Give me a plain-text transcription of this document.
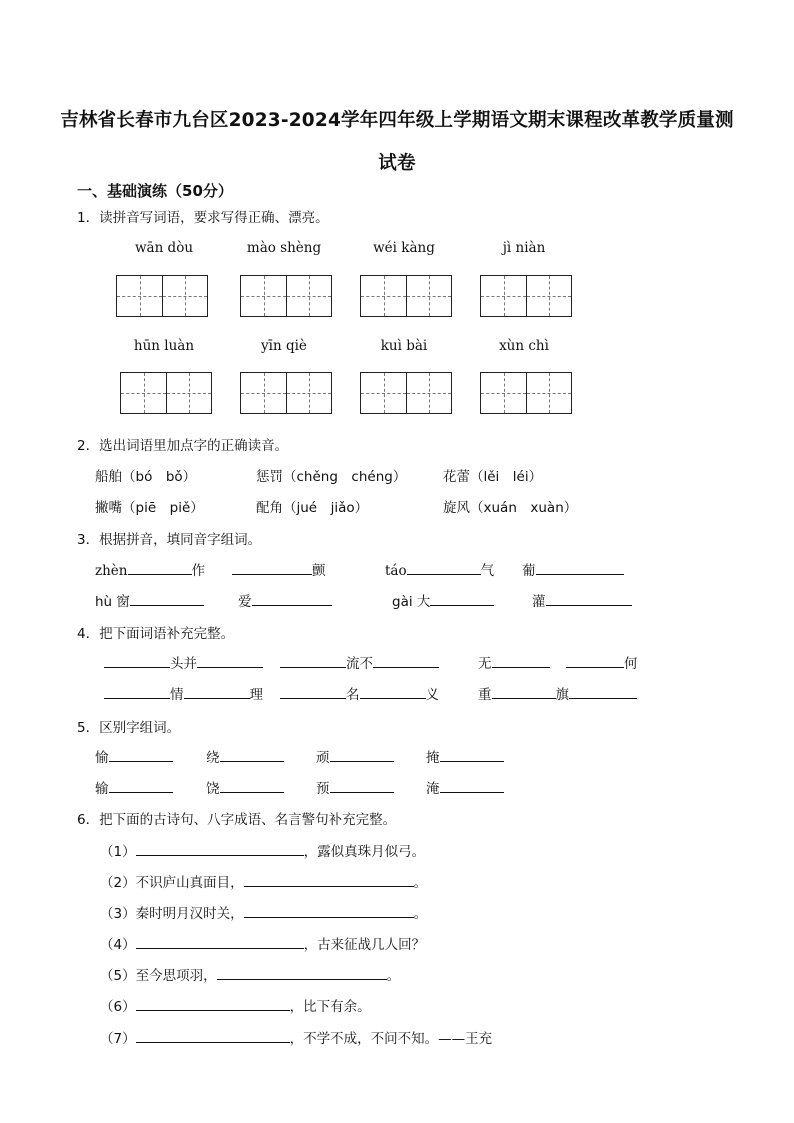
吉林省长春市九台区2023-2024学年四年级上学期语文期末课程改革教学质量测
试卷
一、基础演练（50分）
1．读拼音写词语，要求写得正确、漂亮。
wān dòu	mào shèng	wéi kàng	jì niàn
hūn luàn	yīn qiè	kuì bài	xùn chì
2．选出词语里加点字的正确读音。
船舶（bó　bǒ）	惩罚（chěng　chéng）	花蕾（lěi　léi）
撇嘴（piē　piě）	配角（jué　jiǎo）	旋风（xuán　xuàn）
3．根据拼音，填同音字组词。
zhèn	作	颤	táo	气 葡
hù 窗	爱	gài 大	灌
4．把下面词语补充完整。
头并	流不	无	何
情	理	名	义	重	旗
5．区别字组词。
愉	绕	顽	掩
输	饶	预	淹
6．把下面的古诗句、八字成语、名言警句补充完整。
（1）	，露似真珠月似弓。
（2）不识庐山真面目，	。
（3）秦时明月汉时关，	。
（4）	，古来征战几人回？
（5）至今思项羽，	。
（6）	，比下有余。
（7）	，不学不成，不问不知。——王充
